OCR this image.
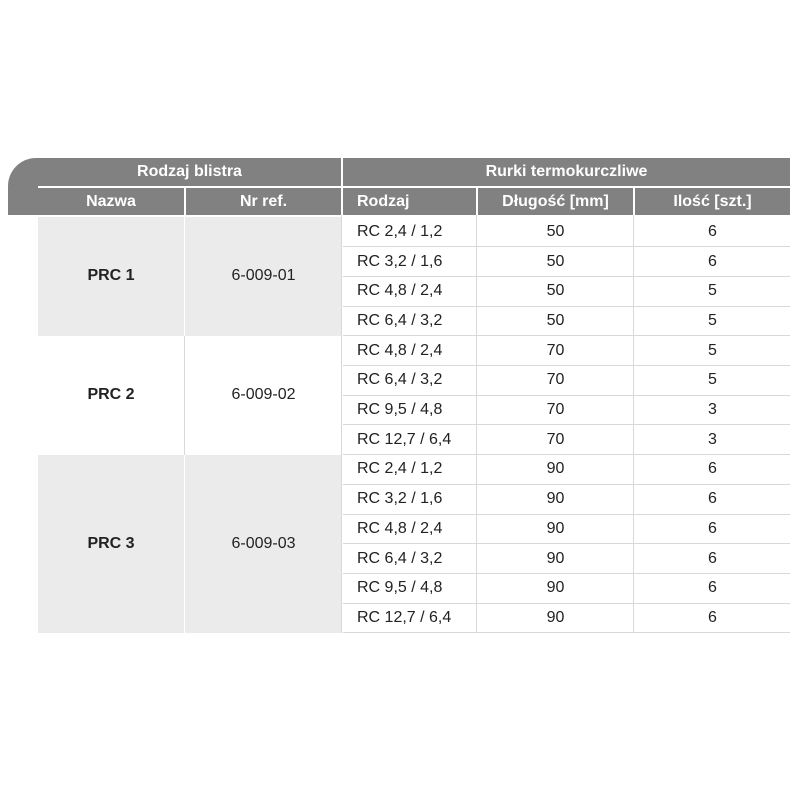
Rodzaj blistra	Rurki termokurczliwe
Nazwa	Nr ref.	Rodzaj	Długość [mm]	Ilość [szt.]
PRC 1	6-009-01
RC 2,4 / 1,2	50	6
RC 3,2 / 1,6	50	6
RC 4,8 / 2,4	50	5
RC 6,4 / 3,2	50	5
PRC 2	6-009-02
RC 4,8 / 2,4	70	5
RC 6,4 / 3,2	70	5
RC 9,5 / 4,8	70	3
RC 12,7 / 6,4	70	3
PRC 3	6-009-03
RC 2,4 / 1,2	90	6
RC 3,2 / 1,6	90	6
RC 4,8 / 2,4	90	6
RC 6,4 / 3,2	90	6
RC 9,5 / 4,8	90	6
RC 12,7 / 6,4	90	6
